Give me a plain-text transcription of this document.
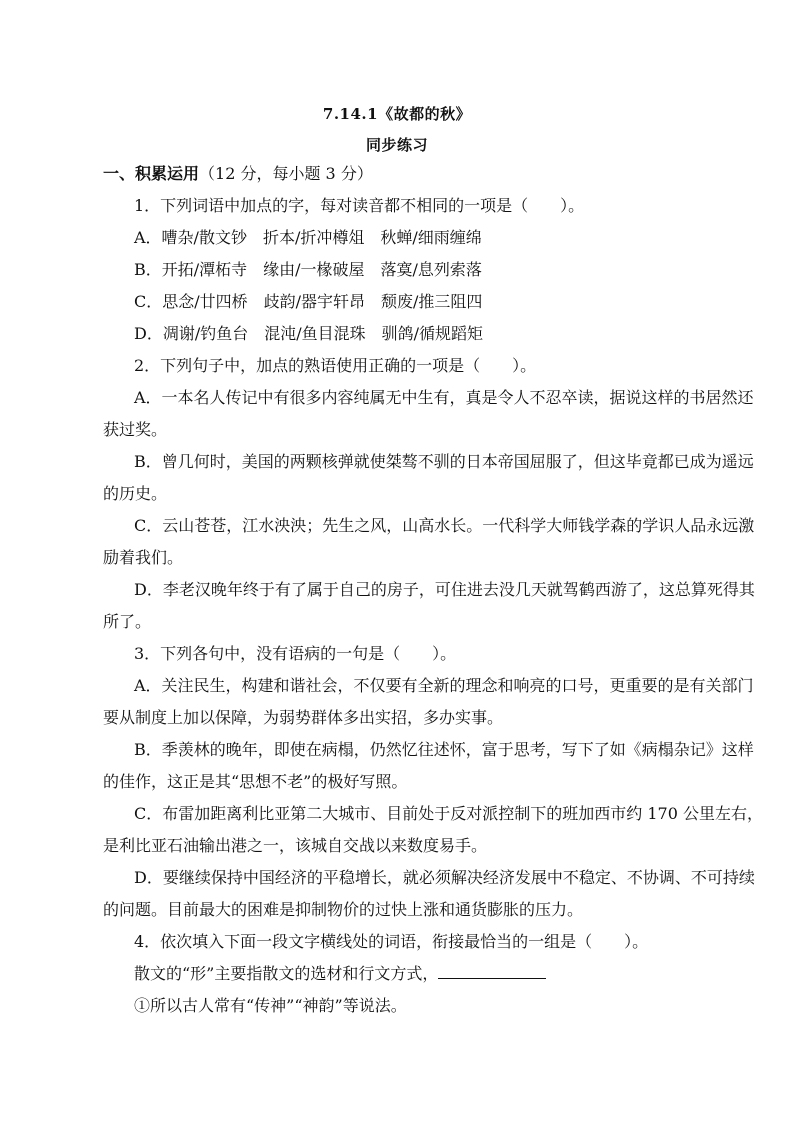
7.14.1《故都的秋》
同步练习
一、积累运用（12 分，每小题 3 分）
1．下列词语中加点的字，每对读音都不相同的一项是（　　）。
A．嘈杂/散文钞　折本/折冲樽俎　秋蝉/细雨缠绵
B．开拓/潭柘寺　缘由/一椽破屋　落寞/息列索落
C．思念/廿四桥　歧韵/器宇轩昂　颓废/推三阻四
D．凋谢/钓鱼台　混沌/鱼目混珠　驯鸽/循规蹈矩
2．下列句子中，加点的熟语使用正确的一项是（　　）。
A．一本名人传记中有很多内容纯属无中生有，真是令人不忍卒读，据说这样的书居然还
获过奖。
B．曾几何时，美国的两颗核弹就使桀骜不驯的日本帝国屈服了，但这毕竟都已成为遥远
的历史。
C．云山苍苍，江水泱泱；先生之风，山高水长。一代科学大师钱学森的学识人品永远激
励着我们。
D．李老汉晚年终于有了属于自己的房子，可住进去没几天就驾鹤西游了，这总算死得其
所了。
3．下列各句中，没有语病的一句是（　　）。
A．关注民生，构建和谐社会，不仅要有全新的理念和响亮的口号，更重要的是有关部门
要从制度上加以保障，为弱势群体多出实招，多办实事。
B．季羡林的晚年，即使在病榻，仍然忆往述怀，富于思考，写下了如《病榻杂记》这样
的佳作，这正是其“思想不老”的极好写照。
C．布雷加距离利比亚第二大城市、目前处于反对派控制下的班加西市约 170 公里左右，
是利比亚石油输出港之一，该城自交战以来数度易手。
D．要继续保持中国经济的平稳增长，就必须解决经济发展中不稳定、不协调、不可持续
的问题。目前最大的困难是抑制物价的过快上涨和通货膨胀的压力。
4．依次填入下面一段文字横线处的词语，衔接最恰当的一组是（　　）。
散文的“形”主要指散文的选材和行文方式，
①所以古人常有“传神”“神韵”等说法。
